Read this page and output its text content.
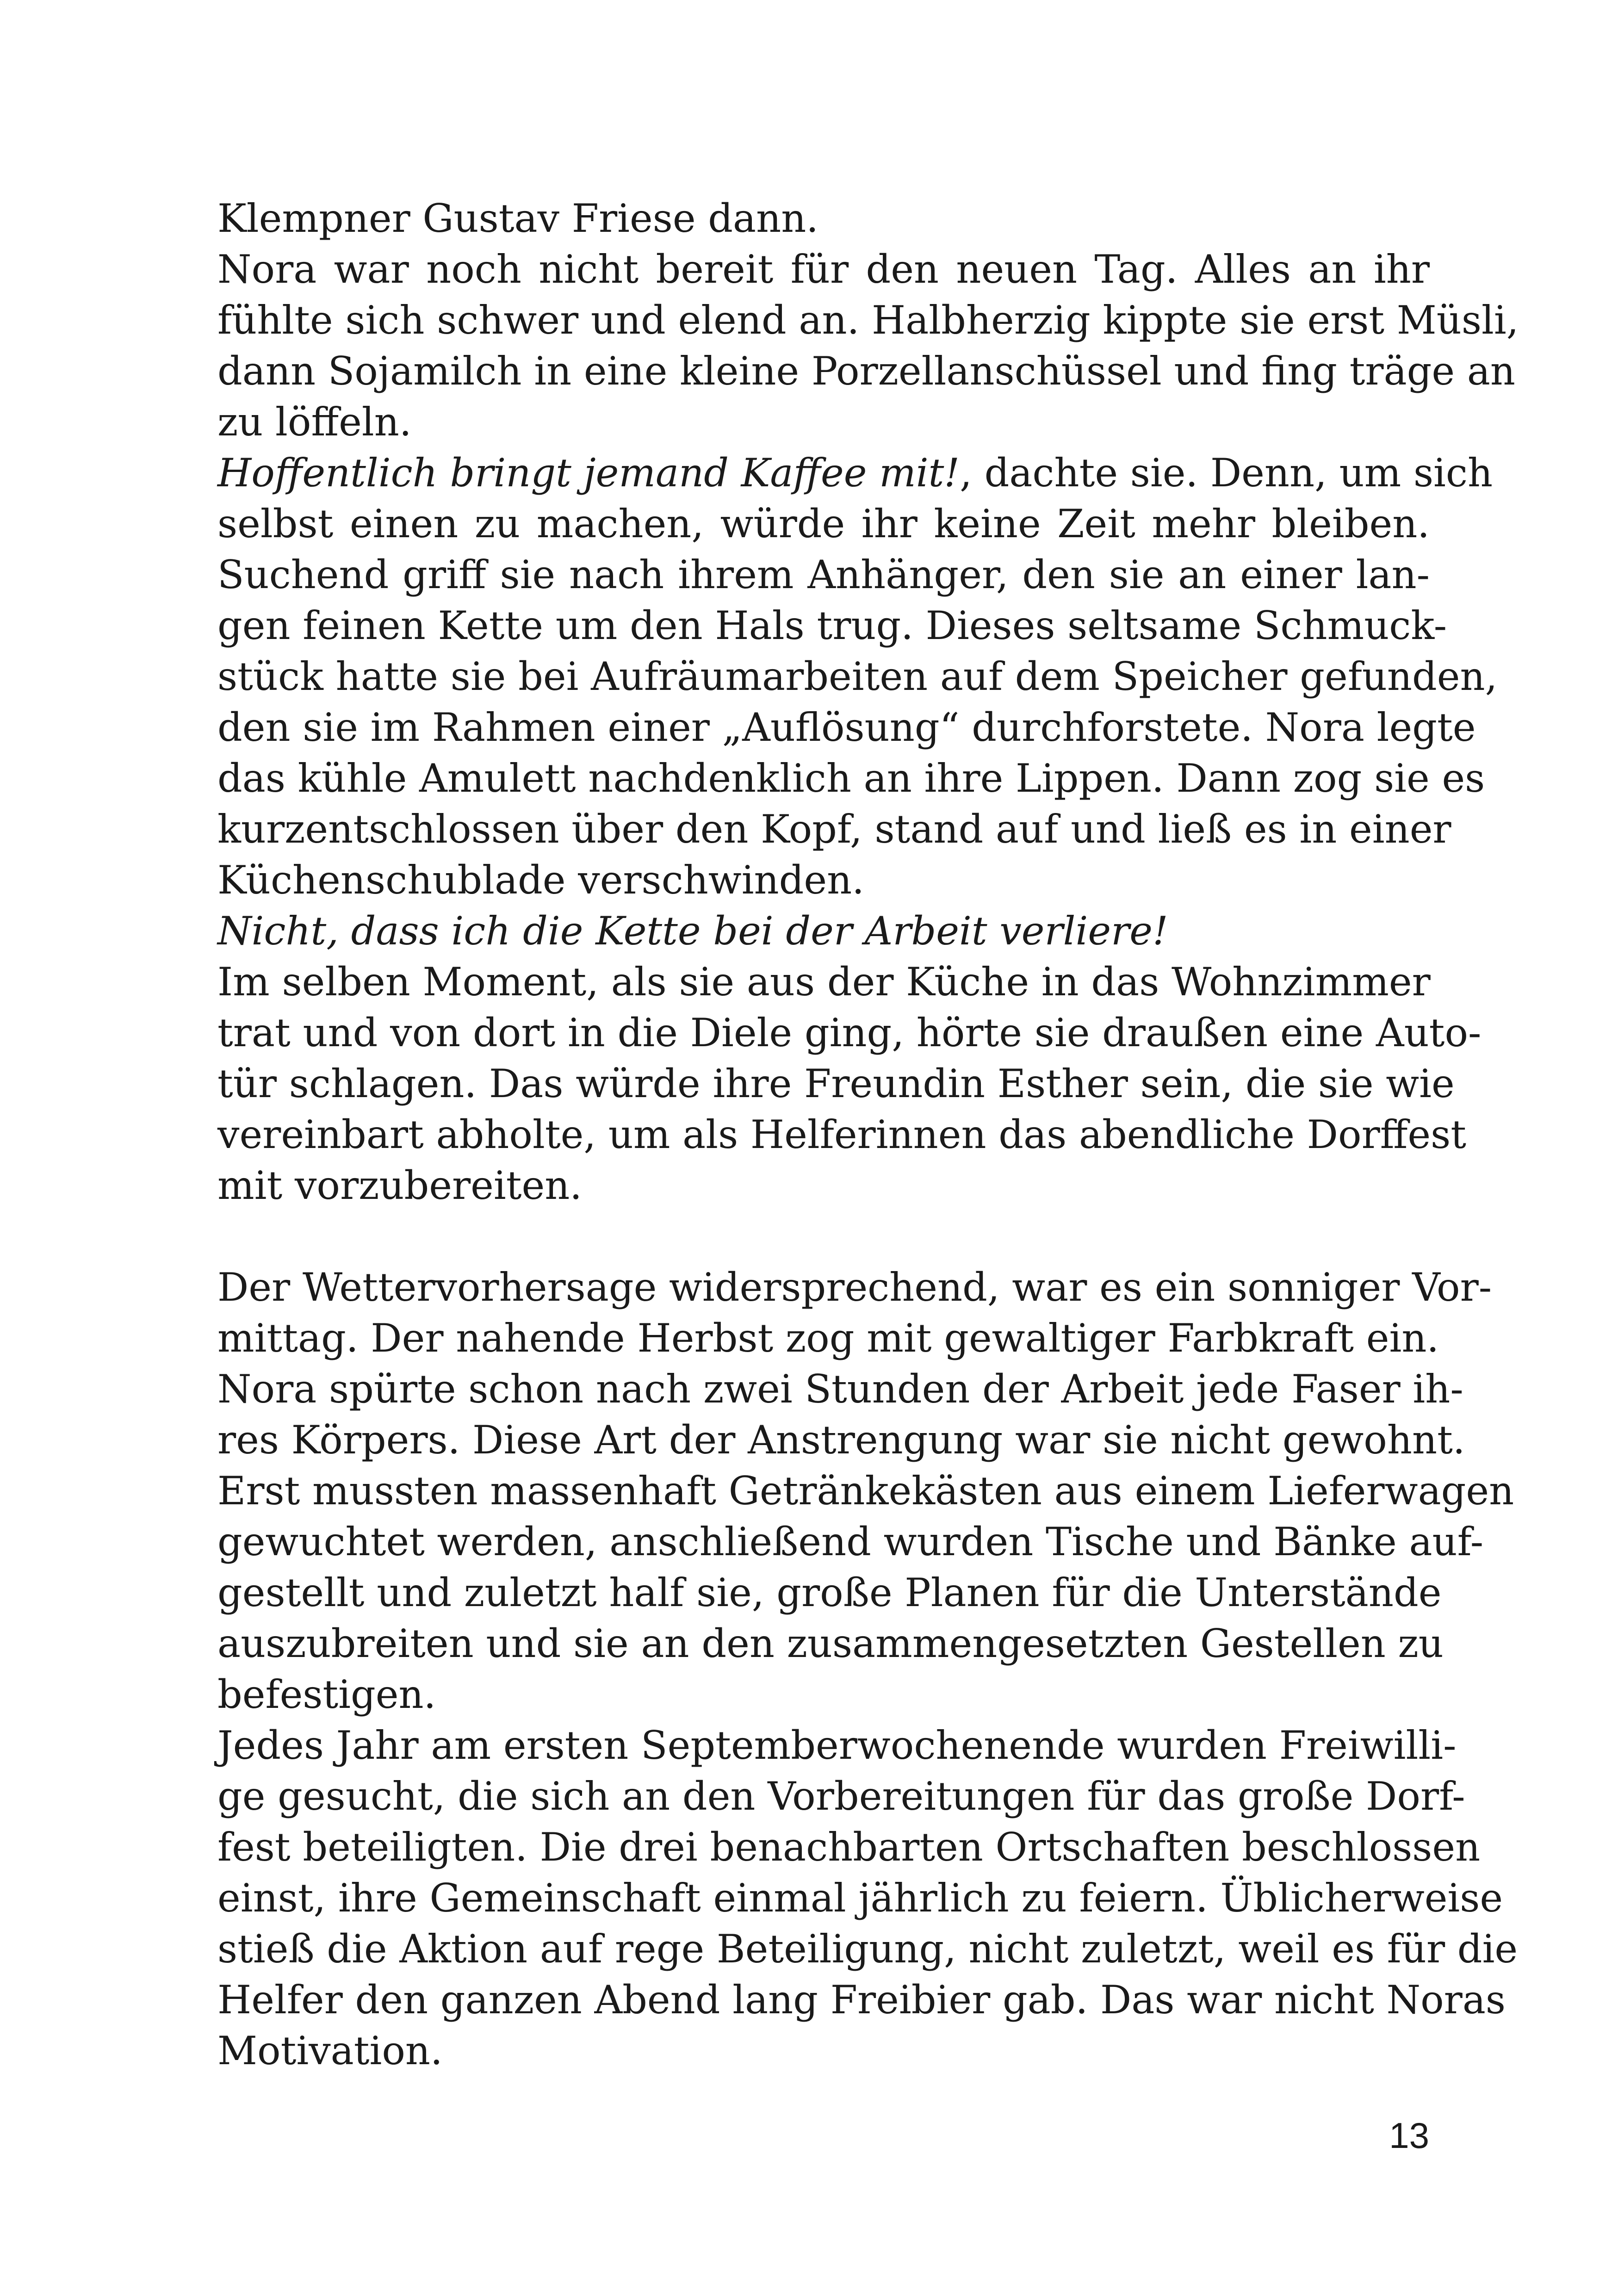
Klempner Gustav Friese dann.
Nora war noch nicht bereit für den neuen Tag. Alles an ihr
fühlte sich schwer und elend an. Halbherzig kippte sie erst Müsli,
dann Sojamilch in eine kleine Porzellanschüssel und fing träge an
zu löffeln.
Hoffentlich bringt jemand Kaffee mit!, dachte sie. Denn, um sich
selbst einen zu machen, würde ihr keine Zeit mehr bleiben.
Suchend griff sie nach ihrem Anhänger, den sie an einer lan-
gen feinen Kette um den Hals trug. Dieses seltsame Schmuck-
stück hatte sie bei Aufräumarbeiten auf dem Speicher gefunden,
den sie im Rahmen einer „Auflösung“ durchforstete. Nora legte
das kühle Amulett nachdenklich an ihre Lippen. Dann zog sie es
kurzentschlossen über den Kopf, stand auf und ließ es in einer
Küchenschublade verschwinden.
Nicht, dass ich die Kette bei der Arbeit verliere!
Im selben Moment, als sie aus der Küche in das Wohnzimmer
trat und von dort in die Diele ging, hörte sie draußen eine Auto-
tür schlagen. Das würde ihre Freundin Esther sein, die sie wie
vereinbart abholte, um als Helferinnen das abendliche Dorffest
mit vorzubereiten.
Der Wettervorhersage widersprechend, war es ein sonniger Vor-
mittag. Der nahende Herbst zog mit gewaltiger Farbkraft ein.
Nora spürte schon nach zwei Stunden der Arbeit jede Faser ih-
res Körpers. Diese Art der Anstrengung war sie nicht gewohnt.
Erst mussten massenhaft Getränkekästen aus einem Lieferwagen
gewuchtet werden, anschließend wurden Tische und Bänke auf-
gestellt und zuletzt half sie, große Planen für die Unterstände
auszubreiten und sie an den zusammengesetzten Gestellen zu
befestigen.
Jedes Jahr am ersten Septemberwochenende wurden Freiwilli-
ge gesucht, die sich an den Vorbereitungen für das große Dorf-
fest beteiligten. Die drei benachbarten Ortschaften beschlossen
einst, ihre Gemeinschaft einmal jährlich zu feiern. Üblicherweise
stieß die Aktion auf rege Beteiligung, nicht zuletzt, weil es für die
Helfer den ganzen Abend lang Freibier gab. Das war nicht Noras
Motivation.
13
